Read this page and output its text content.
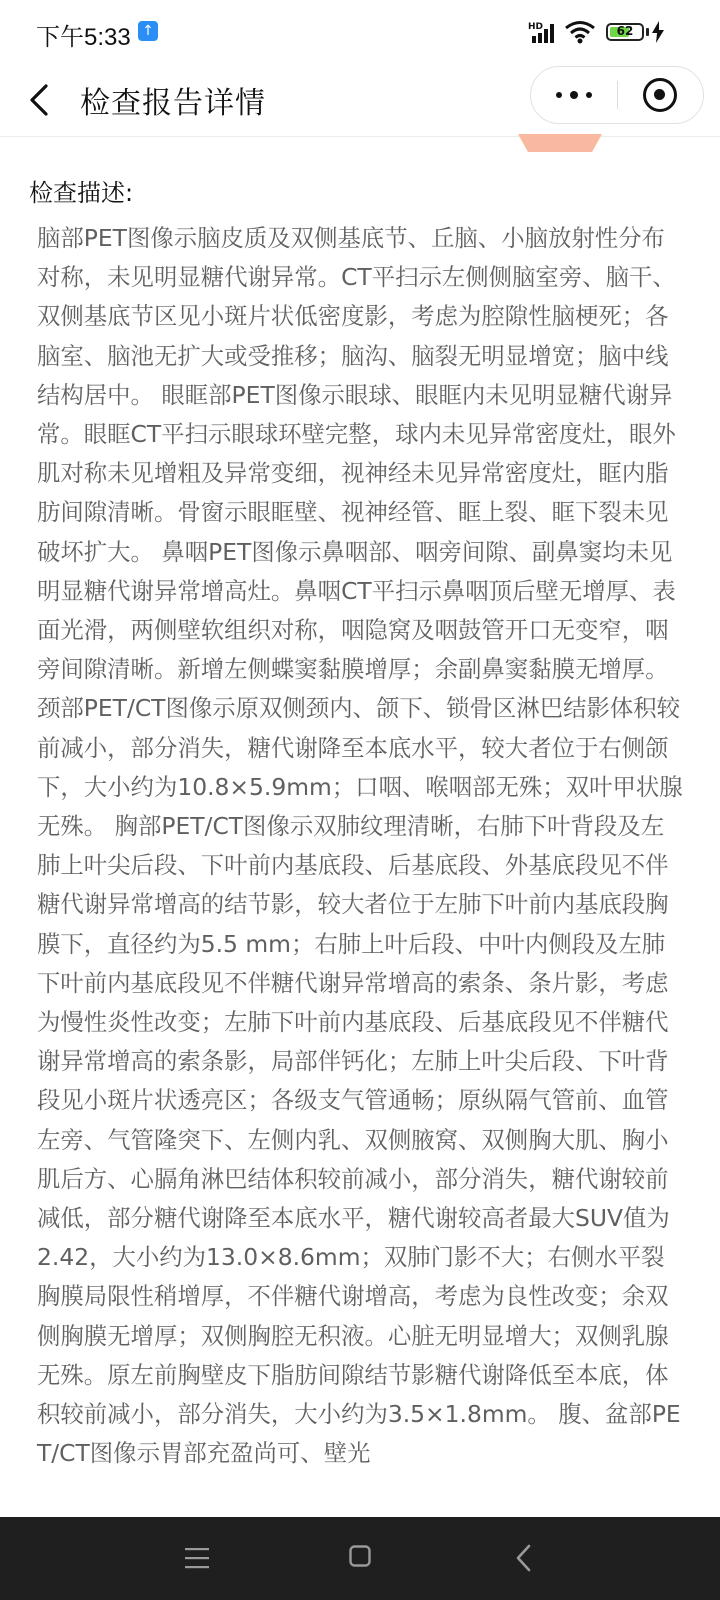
下午5:33 ↑	HD	62
检查报告详情
检查描述:
脑部PET图像示脑皮质及双侧基底节、丘脑、小脑放射性分布对称，未见明显糖代谢异常。CT平扫示左侧侧脑室旁、脑干、双侧基底节区见小斑片状低密度影，考虑为腔隙性脑梗死；各脑室、脑池无扩大或受推移；脑沟、脑裂无明显增宽；脑中线结构居中。 眼眶部PET图像示眼球、眼眶内未见明显糖代谢异常。眼眶CT平扫示眼球环壁完整，球内未见异常密度灶，眼外肌对称未见增粗及异常变细，视神经未见异常密度灶，眶内脂肪间隙清晰。骨窗示眼眶壁、视神经管、眶上裂、眶下裂未见破坏扩大。 鼻咽PET图像示鼻咽部、咽旁间隙、副鼻窦均未见明显糖代谢异常增高灶。鼻咽CT平扫示鼻咽顶后壁无增厚、表面光滑，两侧壁软组织对称，咽隐窝及咽鼓管开口无变窄，咽旁间隙清晰。新增左侧蝶窦黏膜增厚；余副鼻窦黏膜无增厚。 颈部PET/CT图像示原双侧颈内、颌下、锁骨区淋巴结影体积较前减小，部分消失，糖代谢降至本底水平，较大者位于右侧颌下，大小约为10.8×5.9mm；口咽、喉咽部无殊；双叶甲状腺无殊。 胸部PET/CT图像示双肺纹理清晰，右肺下叶背段及左肺上叶尖后段、下叶前内基底段、后基底段、外基底段见不伴糖代谢异常增高的结节影，较大者位于左肺下叶前内基底段胸膜下，直径约为5.5 mm；右肺上叶后段、中叶内侧段及左肺下叶前内基底段见不伴糖代谢异常增高的索条、条片影，考虑为慢性炎性改变；左肺下叶前内基底段、后基底段见不伴糖代谢异常增高的索条影，局部伴钙化；左肺上叶尖后段、下叶背段见小斑片状透亮区；各级支气管通畅；原纵隔气管前、血管左旁、气管隆突下、左侧内乳、双侧腋窝、双侧胸大肌、胸小肌后方、心膈角淋巴结体积较前减小，部分消失，糖代谢较前减低，部分糖代谢降至本底水平，糖代谢较高者最大SUV值为2.42，大小约为13.0×8.6mm；双肺门影不大；右侧水平裂胸膜局限性稍增厚，不伴糖代谢增高，考虑为良性改变；余双侧胸膜无增厚；双侧胸腔无积液。心脏无明显增大；双侧乳腺无殊。原左前胸壁皮下脂肪间隙结节影糖代谢降低至本底，体积较前减小，部分消失，大小约为3.5×1.8mm。 腹、盆部PET/CT图像示胃部充盈尚可、壁光
